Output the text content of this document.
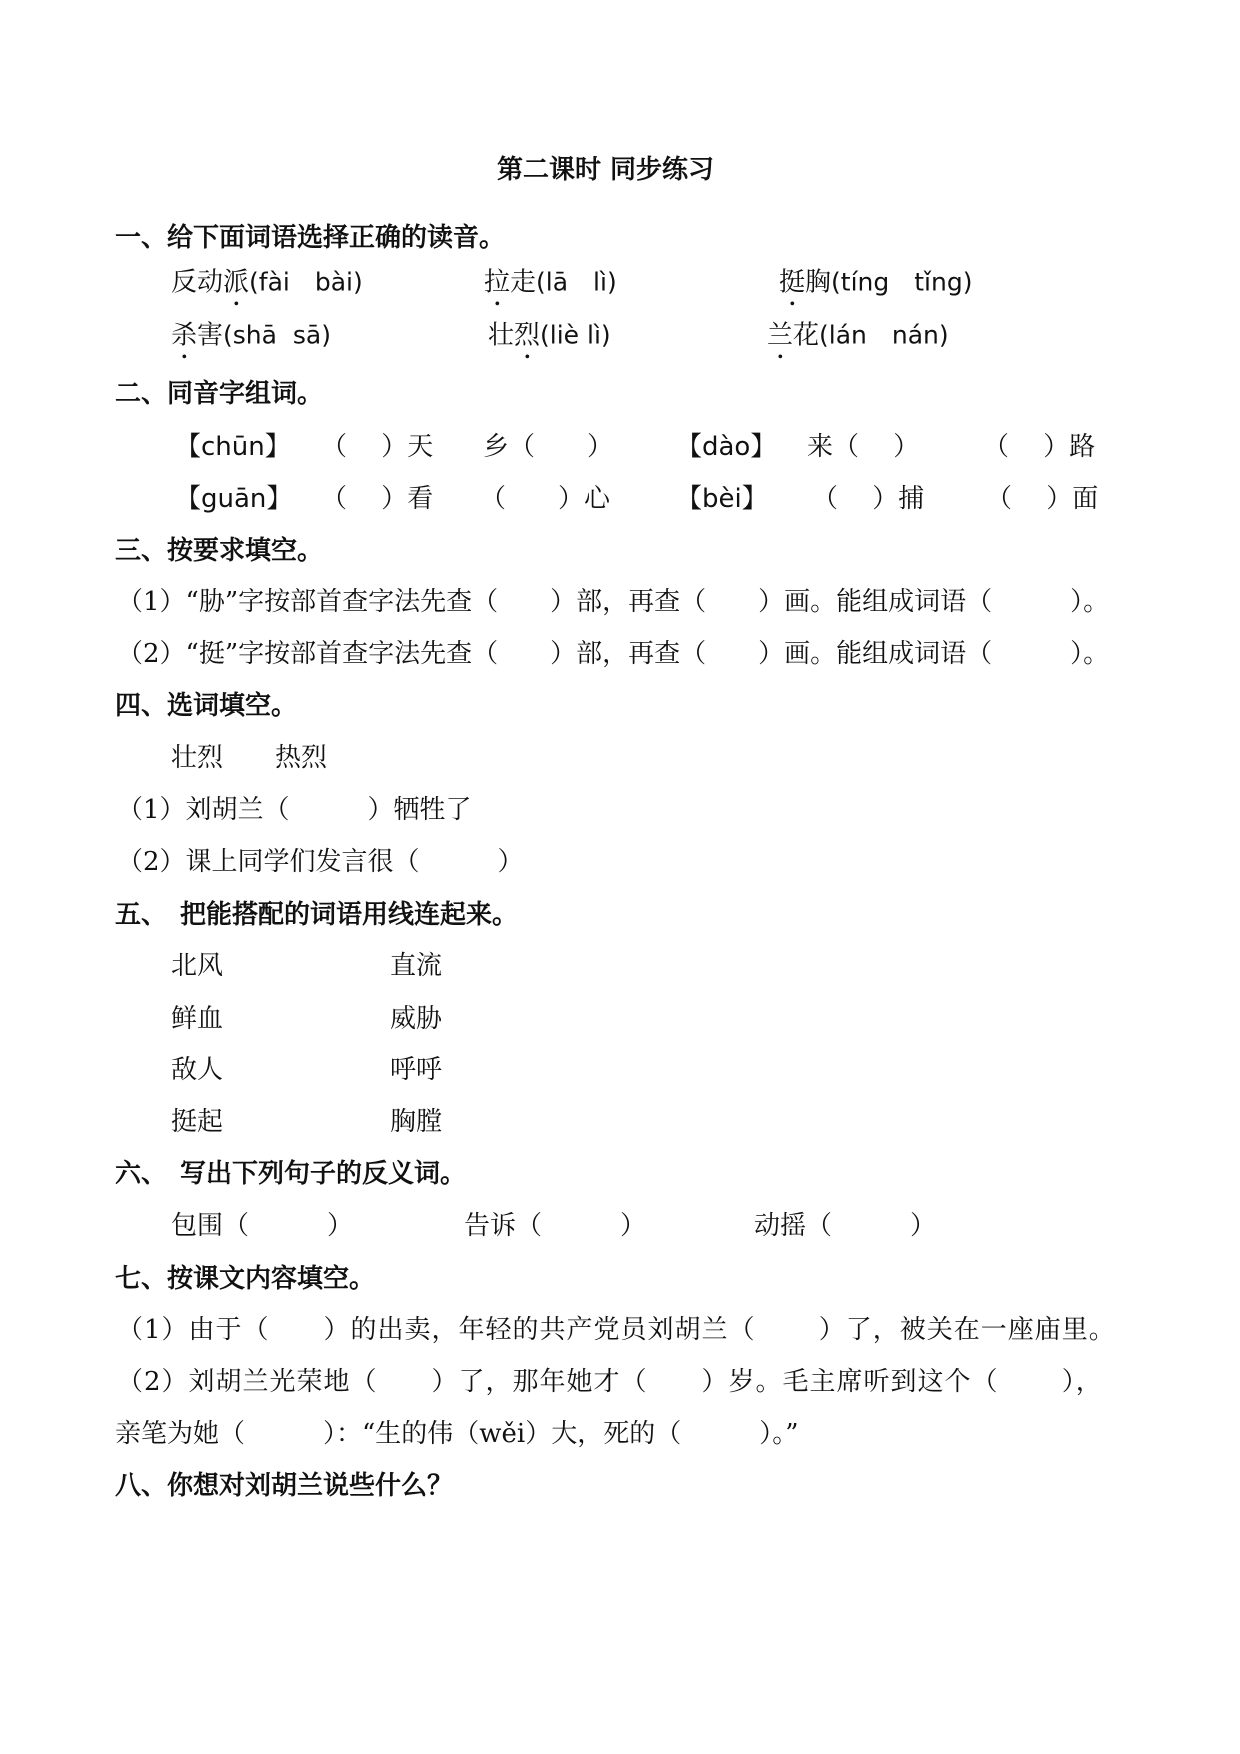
第二课时 同步练习
一、给下面词语选择正确的读音。
反动派(fài　bài)	拉走(lā　lì)	挺胸(tíng　tǐng)
杀害(shā  sā)	壮烈(liè lì)	兰花(lán　nán)
二、同音字组词。
【chūn】 （　 ）天 乡（　　） 【dào】 来（　 ） （　 ）路
【guān】 （　 ）看 （　　）心	【bèi】 （　 ）捕 （　 ）面
三、按要求填空。
（1）“胁”字按部首查字法先查（　　）部，再查（　　）画。能组成词语（　　　）。
（2）“挺”字按部首查字法先查（　　）部，再查（　　）画。能组成词语（　　　）。
四、选词填空。
壮烈　　热烈
（1）刘胡兰（　　　）牺牲了
（2）课上同学们发言很（　　　）
五、　把能搭配的词语用线连起来。
北风	直流
鲜血	威胁
敌人	呼呼
挺起	胸膛
六、　写出下列句子的反义词。
包围（　　　）	告诉（　　　）	动摇（　　　）
七、按课文内容填空。
（1）由于（　　）的出卖，年轻的共产党员刘胡兰（　　 ）了，被关在一座庙里。
（2）刘胡兰光荣地（　　）了，那年她才（　　）岁。毛主席听到这个（　　 ），
亲笔为她（　　　）：“生的伟（wěi）大，死的（　　　）。”
八、你想对刘胡兰说些什么？
